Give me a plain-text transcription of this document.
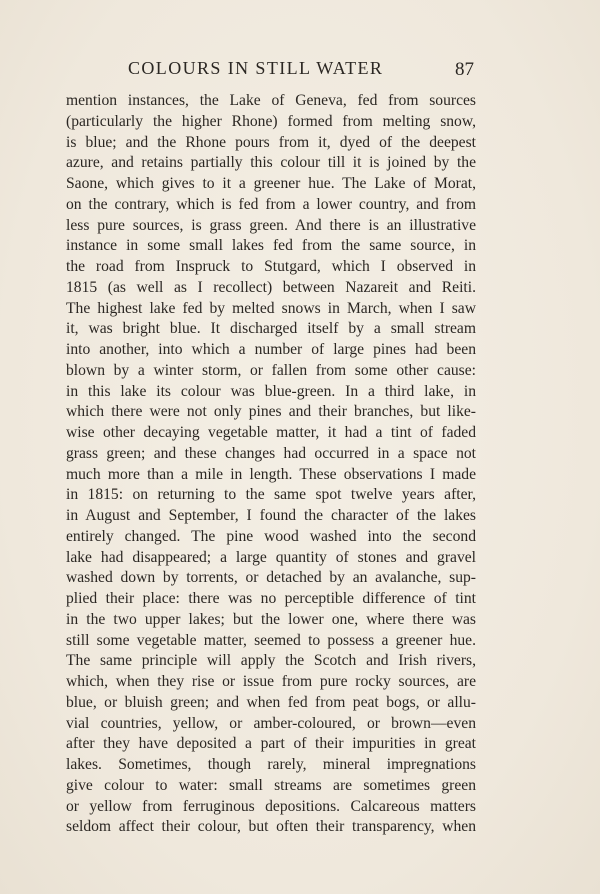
COLOURS IN STILL WATER	87
mention instances, the Lake of Geneva, fed from sources
(particularly the higher Rhone) formed from melting snow,
is blue; and the Rhone pours from it, dyed of the deepest
azure, and retains partially this colour till it is joined by the
Saone, which gives to it a greener hue. The Lake of Morat,
on the contrary, which is fed from a lower country, and from
less pure sources, is grass green. And there is an illustrative
instance in some small lakes fed from the same source, in
the road from Inspruck to Stutgard, which I observed in
1815 (as well as I recollect) between Nazareit and Reiti.
The highest lake fed by melted snows in March, when I saw
it, was bright blue. It discharged itself by a small stream
into another, into which a number of large pines had been
blown by a winter storm, or fallen from some other cause:
in this lake its colour was blue-green. In a third lake, in
which there were not only pines and their branches, but like-
wise other decaying vegetable matter, it had a tint of faded
grass green; and these changes had occurred in a space not
much more than a mile in length. These observations I made
in 1815: on returning to the same spot twelve years after,
in August and September, I found the character of the lakes
entirely changed. The pine wood washed into the second
lake had disappeared; a large quantity of stones and gravel
washed down by torrents, or detached by an avalanche, sup-
plied their place: there was no perceptible difference of tint
in the two upper lakes; but the lower one, where there was
still some vegetable matter, seemed to possess a greener hue.
The same principle will apply the Scotch and Irish rivers,
which, when they rise or issue from pure rocky sources, are
blue, or bluish green; and when fed from peat bogs, or allu-
vial countries, yellow, or amber-coloured, or brown—even
after they have deposited a part of their impurities in great
lakes. Sometimes, though rarely, mineral impregnations
give colour to water: small streams are sometimes green
or yellow from ferruginous depositions. Calcareous matters
seldom affect their colour, but often their transparency, when
